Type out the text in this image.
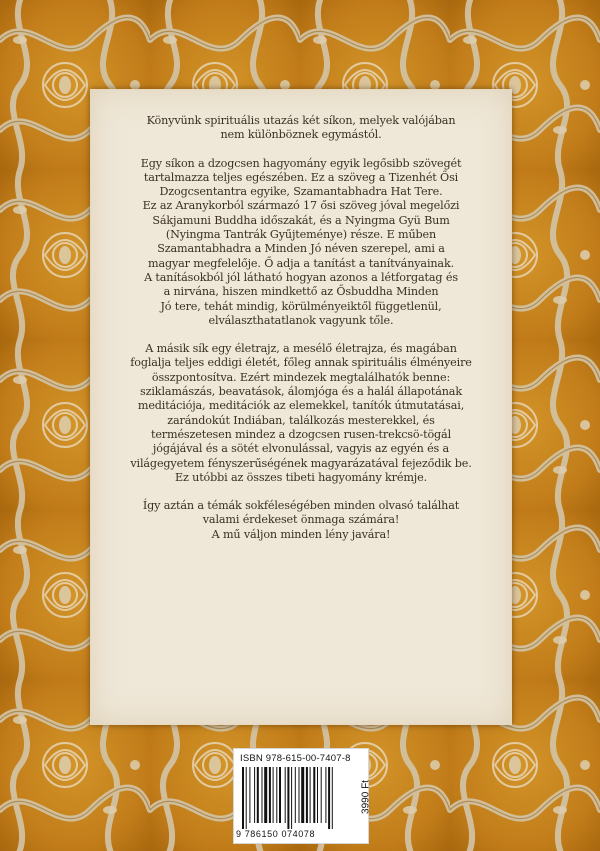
Könyvünk spirituális utazás két síkon, melyek valójában
nem különböznek egymástól.
Egy síkon a dzogcsen hagyomány egyik legősibb szövegét
tartalmazza teljes egészében. Ez a szöveg a Tizenhét Ősi
Dzogcsentantra egyike, Szamantabhadra Hat Tere.
Ez az Aranykorból származó 17 ősi szöveg jóval megelőzi
Sákjamuni Buddha időszakát, és a Nyingma Gyü Bum
(Nyingma Tantrák Gyűjteménye) része. E műben
Szamantabhadra a Minden Jó néven szerepel, ami a
magyar megfelelője. Ő adja a tanítást a tanítványainak.
A tanításokból jól látható hogyan azonos a létforgatag és
a nirvána, hiszen mindkettő az Ősbuddha Minden
Jó tere, tehát mindig, körülményeiktől függetlenül,
elválaszthatatlanok vagyunk tőle.
A másik sík egy életrajz, a mesélő életrajza, és magában
foglalja teljes eddigi életét, főleg annak spirituális élményeire
összpontosítva. Ezért mindezek megtalálhatók benne:
sziklamászás, beavatások, álomjóga és a halál állapotának
meditációja, meditációk az elemekkel, tanítók útmutatásai,
zarándokút Indiában, találkozás mesterekkel, és
természetesen mindez a dzogcsen rusen-trekcsö-tögál
jógájával és a sötét elvonulással, vagyis az egyén és a
világegyetem fényszerűségének magyarázatával fejeződik be.
Ez utóbbi az összes tibeti hagyomány krémje.
Így aztán a témák sokféleségében minden olvasó találhat
valami érdekeset önmaga számára!
A mű váljon minden lény javára!
ISBN 978-615-00-7407-8
9 786150 074078
3990 Ft
